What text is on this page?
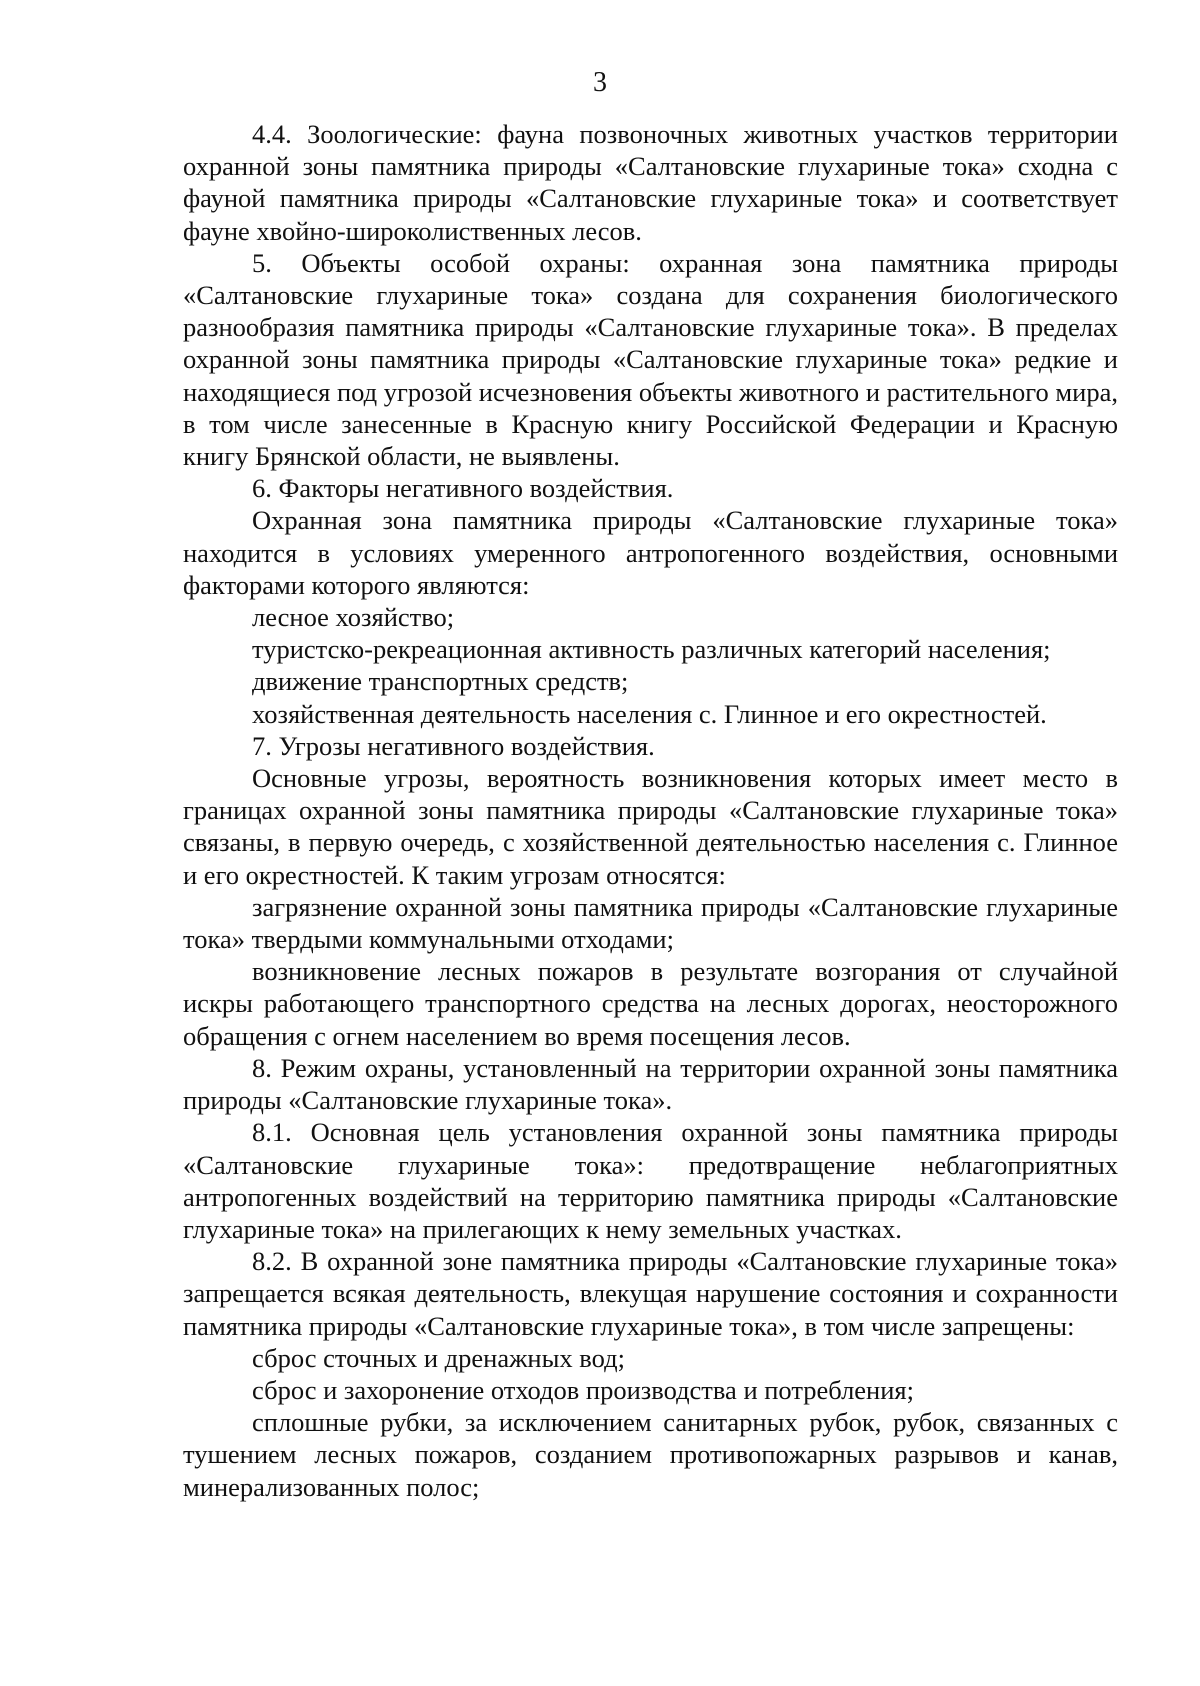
3

4.4. Зоологические: фауна позвоночных животных участков территории охранной зоны памятника природы «Салтановские глухариные тока» сходна с фауной памятника природы «Салтановские глухариные тока» и соответствует фауне хвойно-широколиственных лесов.

5. Объекты особой охраны: охранная зона памятника природы «Салтановские глухариные тока» создана для сохранения биологического разнообразия памятника природы «Салтановские глухариные тока». В пределах охранной зоны памятника природы «Салтановские глухариные тока» редкие и находящиеся под угрозой исчезновения объекты животного и растительного мира, в том числе занесенные в Красную книгу Российской Федерации и Красную книгу Брянской области, не выявлены.

6. Факторы негативного воздействия.

Охранная зона памятника природы «Салтановские глухариные тока» находится в условиях умеренного антропогенного воздействия, основными факторами которого являются:

лесное хозяйство;

туристско-рекреационная активность различных категорий населения;

движение транспортных средств;

хозяйственная деятельность населения с. Глинное и его окрестностей.

7. Угрозы негативного воздействия.

Основные угрозы, вероятность возникновения которых имеет место в границах охранной зоны памятника природы «Салтановские глухариные тока» связаны, в первую очередь, с хозяйственной деятельностью населения с. Глинное и его окрестностей. К таким угрозам относятся:

загрязнение охранной зоны памятника природы «Салтановские глухариные тока» твердыми коммунальными отходами;

возникновение лесных пожаров в результате возгорания от случайной искры работающего транспортного средства на лесных дорогах, неосторожного обращения с огнем населением во время посещения лесов.

8. Режим охраны, установленный на территории охранной зоны памятника природы «Салтановские глухариные тока».

8.1. Основная цель установления охранной зоны памятника природы «Салтановские глухариные тока»: предотвращение неблагоприятных антропогенных воздействий на территорию памятника природы «Салтановские глухариные тока» на прилегающих к нему земельных участках.

8.2. В охранной зоне памятника природы «Салтановские глухариные тока» запрещается всякая деятельность, влекущая нарушение состояния и сохранности памятника природы «Салтановские глухариные тока», в том числе запрещены:

сброс сточных и дренажных вод;

сброс и захоронение отходов производства и потребления;

сплошные рубки, за исключением санитарных рубок, рубок, связанных с тушением лесных пожаров, созданием противопожарных разрывов и канав, минерализованных полос;
